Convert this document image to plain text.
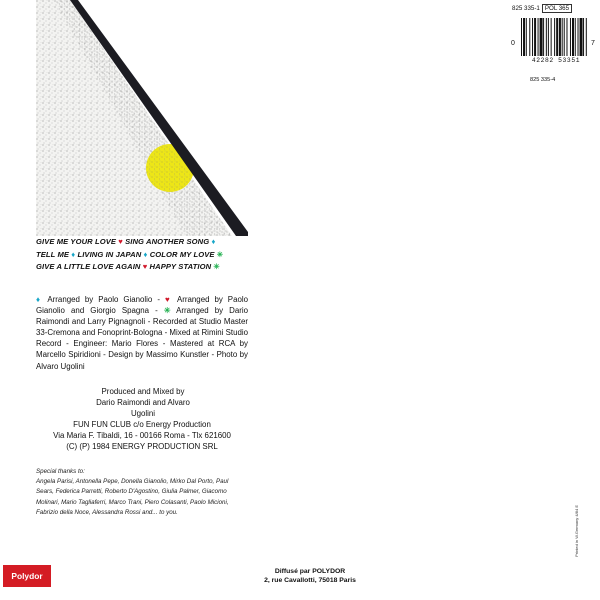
GIVE ME YOUR LOVE ♥ SING ANOTHER SONG ♦
TELL ME ♦ LIVING IN JAPAN ♦ COLOR MY LOVE ✳
GIVE A LITTLE LOVE AGAIN ♥ HAPPY STATION ✳
♦ Arranged by Paolo Gianolio - ♥ Arranged by Paolo Gianolio and Giorgio Spagna - ✳ Arranged by Dario Raimondi and Larry Pignagnoli - Recorded at Studio Master 33-Cremona and Fonoprint-Bologna - Mixed at Rimini Studio Record - Engineer: Mario Flores - Mastered at RCA by Marcello Spiridioni - Design by Massimo Kunstler - Photo by Alvaro Ugolini
Produced and Mixed by
Dario Raimondi and Alvaro Ugolini
FUN FUN CLUB c/o Energy Production
Via Maria F. Tibaldi, 16 - 00166 Roma - Tlx 621600
(C) (P) 1984 ENERGY PRODUCTION SRL
Special thanks to:
Angela Parisi, Antonella Pepe, Donella Gianolio, Mirko Dal Porto, Paul Sears, Federica Parretti, Roberto D'Agostino, Giulia Palmer, Giacomo Molinari, Mario Tagliaferri, Marco Trani, Piero Colasanti, Paolo Micioni, Fabrizio della Noce, Alessandra Rossi and... to you.
825 335-1 POL 365
0	7
42282 53351
825 335-4
Printed in W.Germany 4/84 E
Polydor	Diffusé par POLYDOR
2, rue Cavallotti, 75018 Paris
